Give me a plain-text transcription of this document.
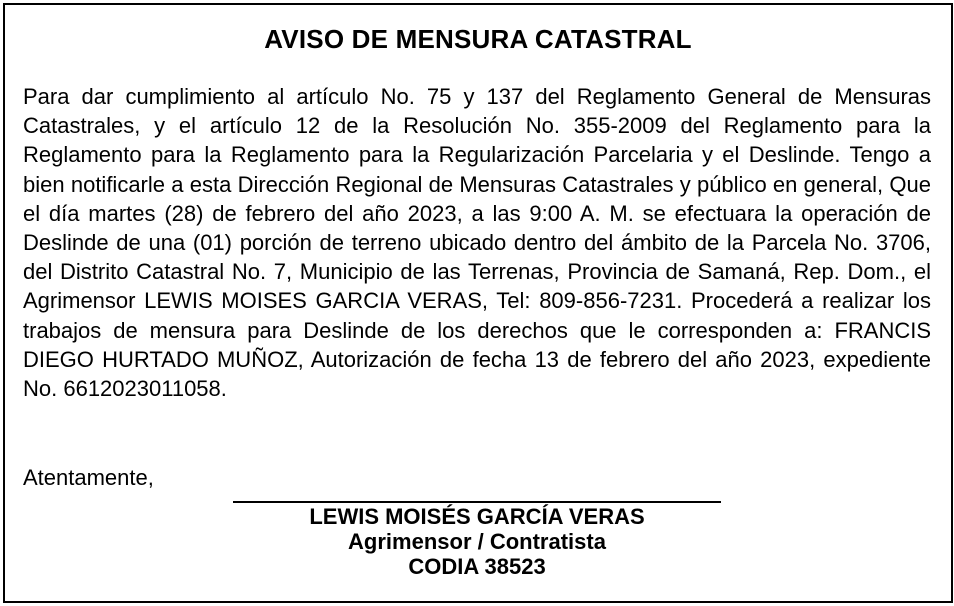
AVISO DE MENSURA CATASTRAL

Para dar cumplimiento al artículo No. 75 y 137 del Reglamento General de Mensuras Catastrales, y el artículo 12 de la Resolución No. 355-2009 del Reglamento para la Reglamento para la Reglamento para la Regularización Parcelaria y el Deslinde. Tengo a bien notificarle a esta Dirección Regional de Mensuras Catastrales y público en general, Que el día martes (28) de febrero del año 2023, a las 9:00 A. M. se efectuara la operación de Deslinde de una (01) porción de terreno ubicado dentro del ámbito de la Parcela No. 3706, del Distrito Catastral No. 7, Municipio de las Terrenas, Provincia de Samaná, Rep. Dom., el Agrimensor LEWIS MOISES GARCIA VERAS, Tel: 809-856-7231. Procederá a realizar los trabajos de mensura para Deslinde de los derechos que le corresponden a: FRANCIS DIEGO HURTADO MUÑOZ, Autorización de fecha 13 de febrero del año 2023, expediente No. 6612023011058.

Atentamente,
LEWIS MOISÉS GARCÍA VERAS
Agrimensor / Contratista
CODIA 38523
